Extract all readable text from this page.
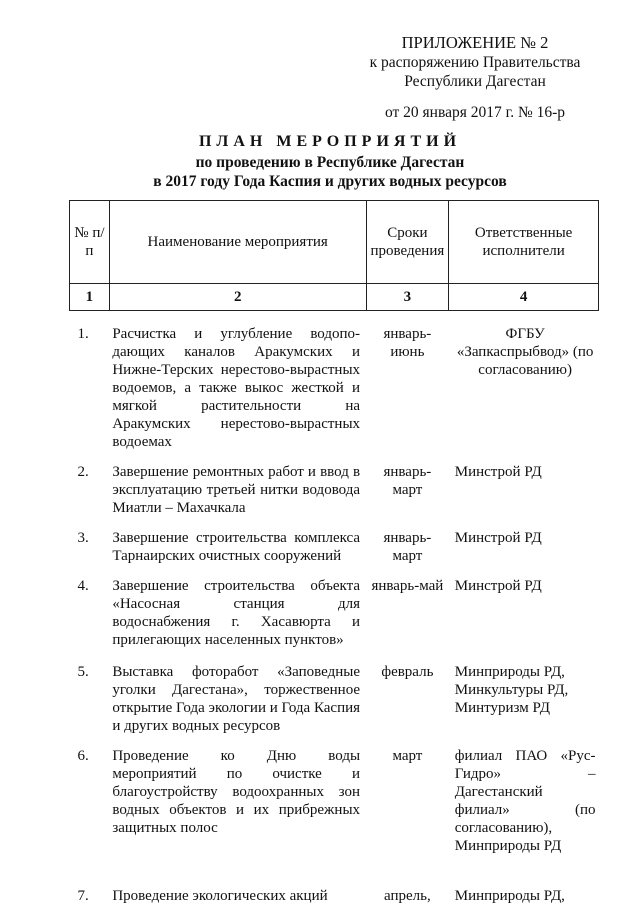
ПРИЛОЖЕНИЕ № 2
к распоряжению Правительства
Республики Дагестан
от 20 января 2017 г. № 16-р
ПЛАН МЕРОПРИЯТИЙ
по проведению в Республике Дагестан
в 2017 году Года Каспия и других водных ресурсов
№ п/п	Наименование мероприятия	Сроки проведения	Ответственные исполнители
1	2	3	4
1.	Расчистка и углубление водопо-дающих каналов Аракумских и Нижне-Терских нерестово-вырастных водоемов, а также выкос жесткой и мягкой растительности на Аракумских нерестово-вырастных водоемах	январь-июнь	ФГБУ «Запкаспрыбвод» (по согласованию)
2.	Завершение ремонтных работ и ввод в эксплуатацию третьей нитки водовода Миатли – Махачкала	январь-март	Минстрой РД
3.	Завершение строительства комплекса Тарнаирских очистных сооружений	январь-март	Минстрой РД
4.	Завершение строительства объекта «Насосная станция для водоснабжения г. Хасавюрта и прилегающих населенных пунктов»	январь-май	Минстрой РД
5.	Выставка фоторабот «Заповедные уголки Дагестана», торжественное открытие Года экологии и Года Каспия и других водных ресурсов	февраль	Минприроды РД, Минкультуры РД, Минтуризм РД
6.	Проведение ко Дню воды мероприятий по очистке и благоустройству водоохранных зон водных объектов и их прибрежных защитных полос	март	филиал ПАО «Рус-Гидро» – Дагестанский филиал» (по согласованию), Минприроды РД
7.	Проведение экологических акций	апрель,	Минприроды РД,
